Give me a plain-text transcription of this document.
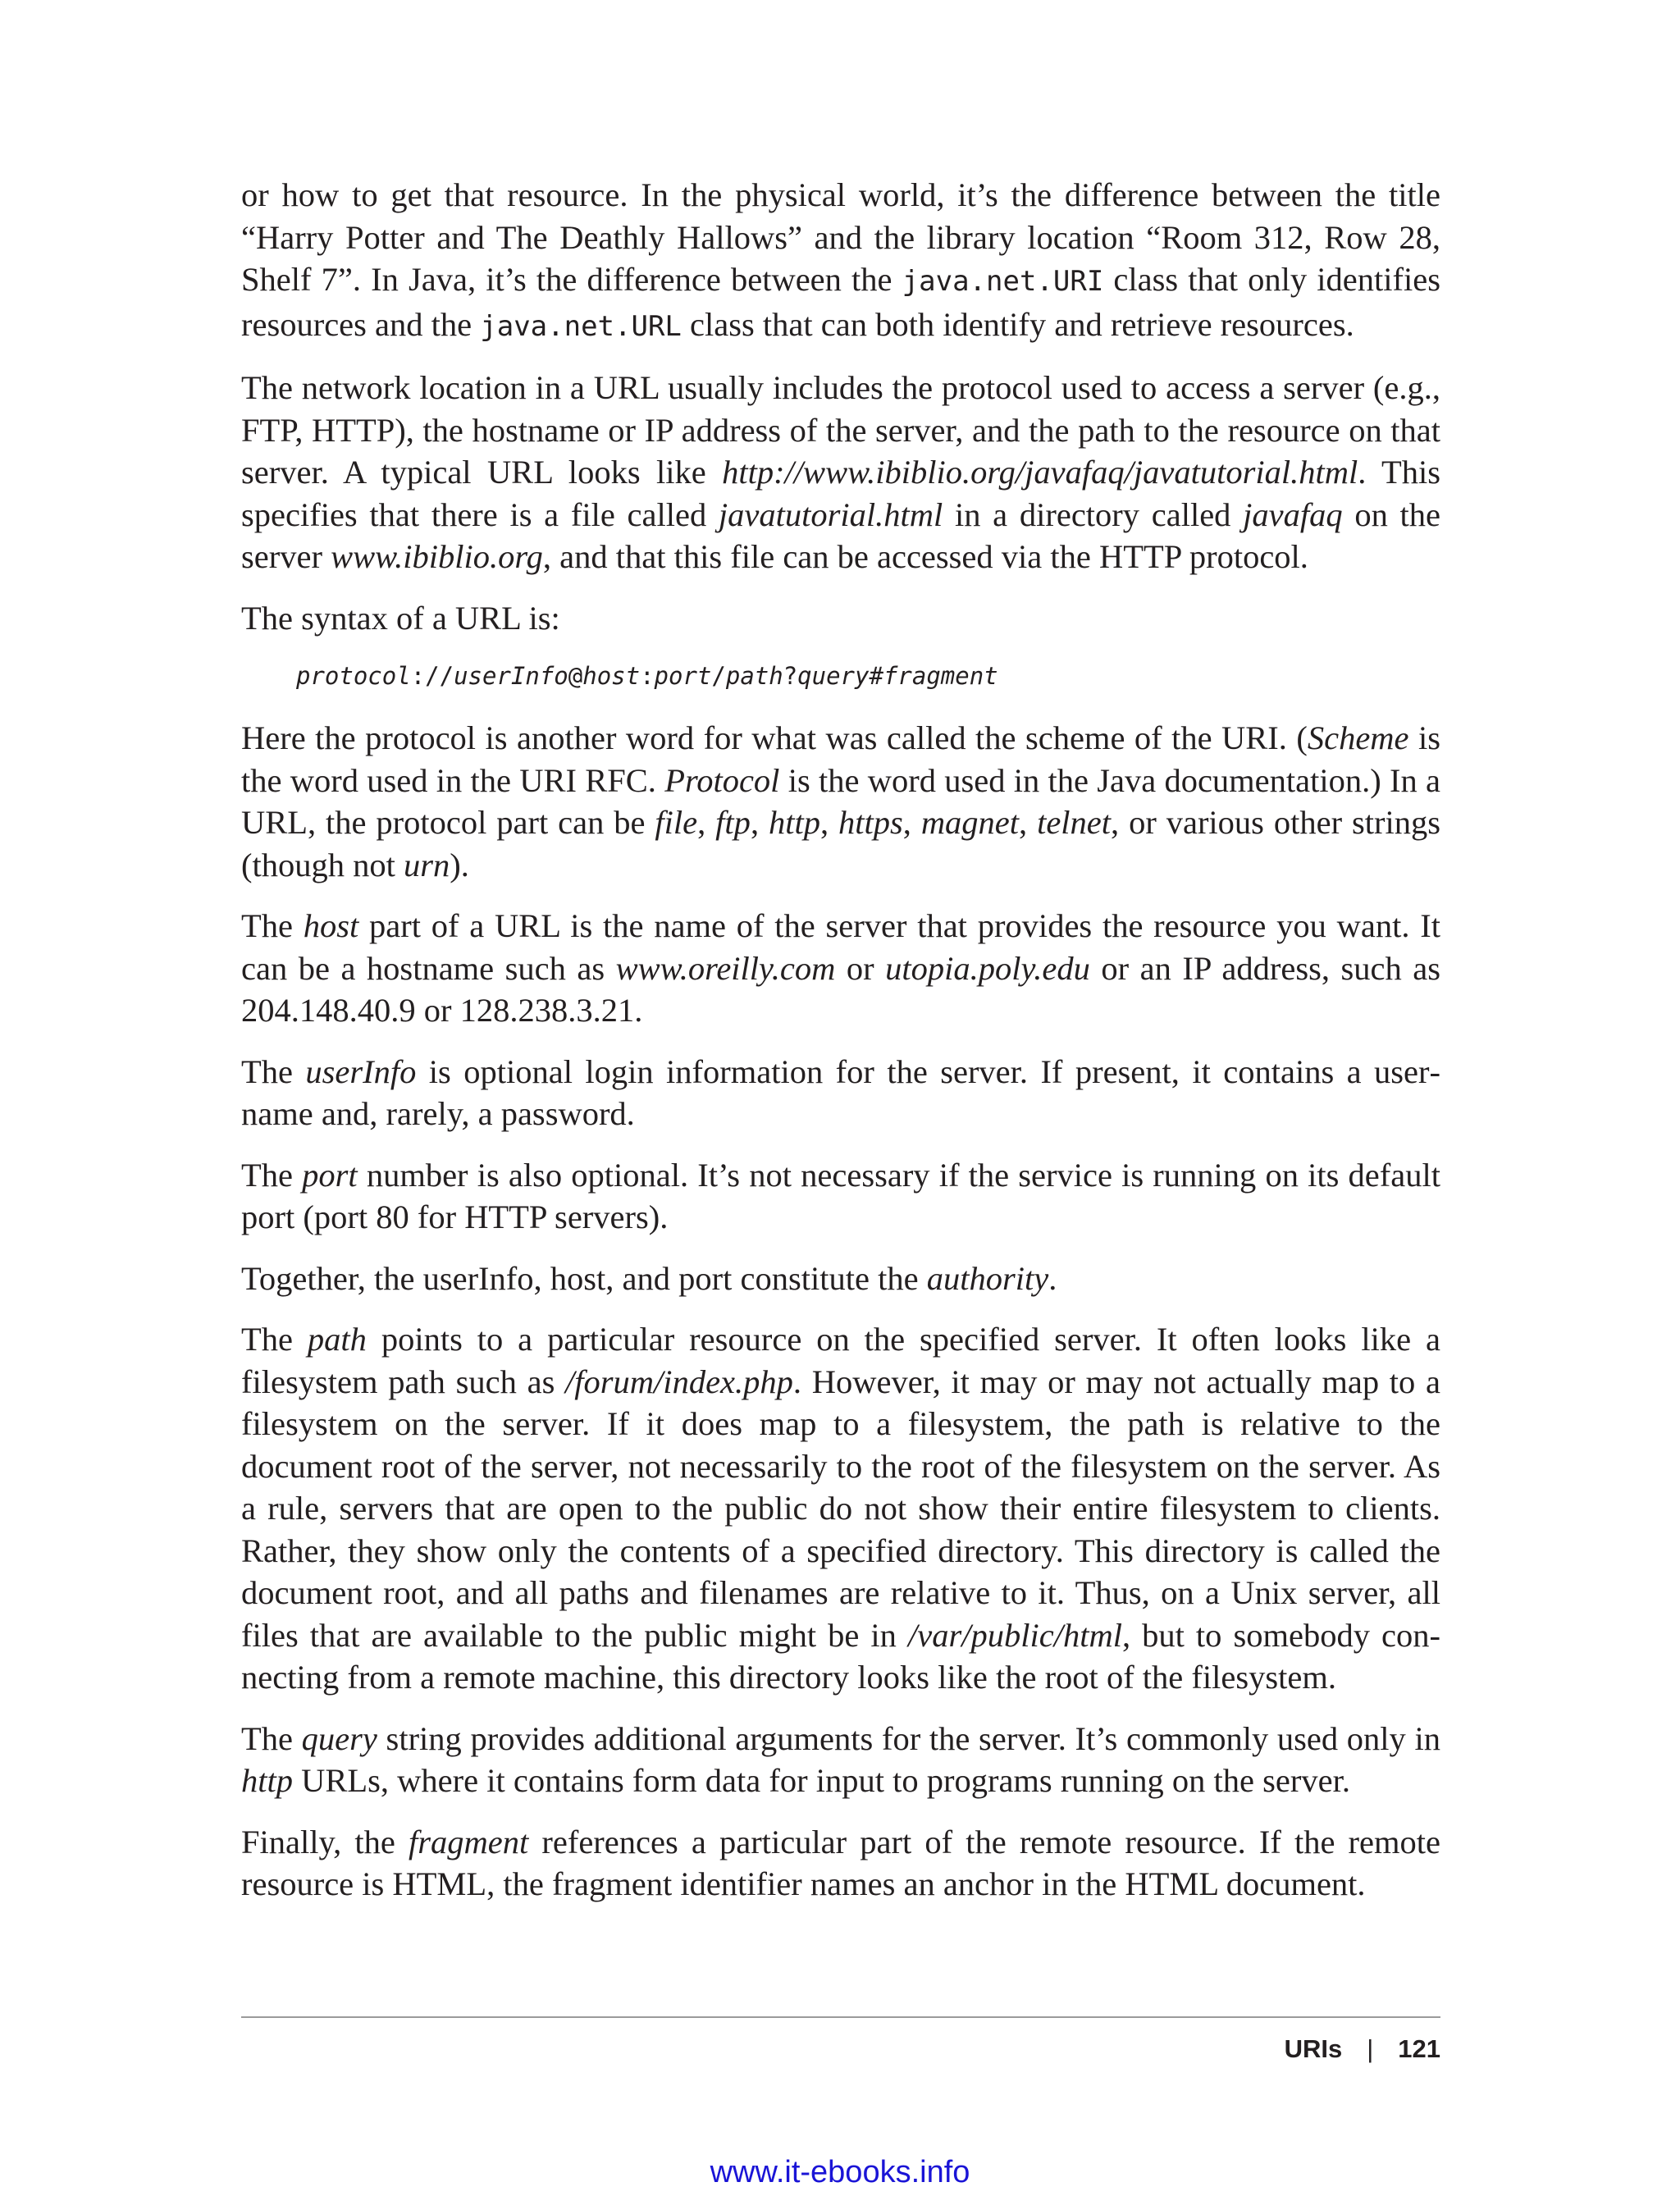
or how to get that resource. In the physical world, it’s the difference between the title “Harry Potter and The Deathly Hallows” and the library location “Room 312, Row 28, Shelf 7”. In Java, it’s the difference between the java.net.URI class that only identifies resources and the java.net.URL class that can both identify and retrieve resources.

The network location in a URL usually includes the protocol used to access a server (e.g., FTP, HTTP), the hostname or IP address of the server, and the path to the resource on that server. A typical URL looks like http://www.ibiblio.org/javafaq/javatutorial.html. This specifies that there is a file called javatutorial.html in a directory called javafaq on the server www.ibiblio.org, and that this file can be accessed via the HTTP protocol.

The syntax of a URL is:

protocol://userInfo@host:port/path?query#fragment

Here the protocol is another word for what was called the scheme of the URI. (Scheme is the word used in the URI RFC. Protocol is the word used in the Java documentation.) In a URL, the protocol part can be file, ftp, http, https, magnet, telnet, or various other strings (though not urn).

The host part of a URL is the name of the server that provides the resource you want. It can be a hostname such as www.oreilly.com or utopia.poly.edu or an IP address, such as 204.148.40.9 or 128.238.3.21.

The userInfo is optional login information for the server. If present, it contains a username and, rarely, a password.

The port number is also optional. It’s not necessary if the service is running on its default port (port 80 for HTTP servers).

Together, the userInfo, host, and port constitute the authority.

The path points to a particular resource on the specified server. It often looks like a filesystem path such as /forum/index.php. However, it may or may not actually map to a filesystem on the server. If it does map to a filesystem, the path is relative to the document root of the server, not necessarily to the root of the filesystem on the server. As a rule, servers that are open to the public do not show their entire filesystem to clients. Rather, they show only the contents of a specified directory. This directory is called the document root, and all paths and filenames are relative to it. Thus, on a Unix server, all files that are available to the public might be in /var/public/html, but to somebody connecting from a remote machine, this directory looks like the root of the filesystem.

The query string provides additional arguments for the server. It’s commonly used only in http URLs, where it contains form data for input to programs running on the server.

Finally, the fragment references a particular part of the remote resource. If the remote resource is HTML, the fragment identifier names an anchor in the HTML document.

URIs | 121
www.it-ebooks.info
